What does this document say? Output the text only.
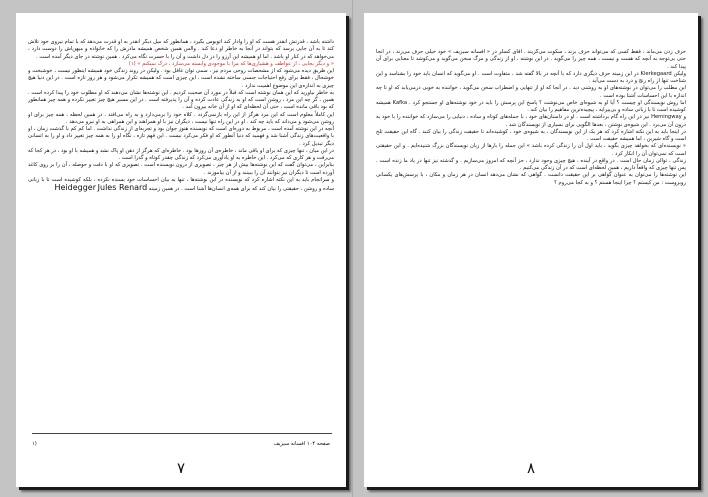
داشته باشد ، قدرتش آنقدر هست که او را وادار کند اتوبوس بگیرد ، همانطور که میل دیگر آنقدر به او قدرت می‌دهد که با تمام نیروی خود تلاش کند تا به ‌آن جایی برسد که بتواند در آنجا به خاطر او دعا کند . والس همین شخص همیشه مادرش را که خانواده و میهن‌اش را دوست دارد ، می‌خواهد که در کنار او باشد . اما او همیشه این آرزو را در دل داشت و آن را با حسرت نگاه می‌کرد . همین نوشته در جای دیگر آمده است .

« و دیگر بجایی ، از عواطف و هشیاری‌ها که مرا با موجودی وابسته می‌سازد ، درک نمیکنم » (۱)

این طریق دیده می‌شود که از مشخصات روحی مردم نیز ، سمی توان غافل بود . ولیکن در روند زندگی خود همیشه اینطور نیست ، خوشبخت و خوشحال ، فقط برای رفع احتیاجات جنسی ساخته نشده است . این چیزی است که همیشه تکرار می‌شود و هر روز تازه است . در این دنیا هیچ چیزی به اندازه‌ی این موضوع اهمیت ندارد .

به خاطر بیاورید که این همان نوشته است که قبلاً در مورد آن صحبت کردیم . این نوشته‌ها نشان می‌دهند که او مطلوب خود را پیدا کرده است . همین ، گر چه این مرد ، روشن است که او به زندگی عادت کرده و آن را پذیرفته است . در این مسیر هیچ چیز تغییر نکرده و همه چیز همانطور که بود باقی مانده است ، حتی آن لحظه‌ای که او از آن خانه بیرون آمد .

این کاملاً معلوم است که این مرد هرگز از این راه بازنمی‌گردد . کلاه خود را برمی‌دارد و به راه می‌افتد . در همین لحظه ، همه چیز برای او روشن می‌شود و می‌داند که باید چه کند . او در این راه تنها نیست ، دیگران نیز با او همراهند و این همراهی به او نیرو می‌دهد .

آنچه در این نوشته آمده است ، مربوط به دوره‌ای است که نویسنده هنوز جوان بود و تجربه‌ای از زندگی نداشت . اما کم کم با گذشت زمان ، او با واقعیت‌های زندگی آشنا شد و فهمید که دنیا آنطور که او فکر می‌کرد نیست . این فهم تازه ، نگاه او را به همه چیز تغییر داد و او را به انسانی دیگر تبدیل کرد .

در این میان ، تنها چیزی که برای او باقی ماند ، خاطره‌ی آن روزها بود . خاطره‌ای که هرگز از ذهن او پاک نشد و همیشه با او بود ، در هر کجا که می‌رفت و هر کاری که می‌کرد . این خاطره به او یادآوری می‌کرد که زندگی چقدر کوتاه و گذرا است .

بنابراین ، می‌توان گفت که این نوشته‌ها بیش از هر چیز ، تصویری از درون نویسنده است . تصویری که او با دقت و حوصله ، آن را بر روی کاغذ آورده است تا دیگران نیز بتوانند آن را ببینند و از آن بیاموزند .

و سرانجام باید به این نکته اشاره کرد که نویسنده در این نوشته‌ها ، تنها به بیان احساسات خود بسنده نکرده ، بلکه کوشیده است تا با زبانی ساده و روشن ، حقیقتی را بیان کند که برای همه‌ی انسان‌ها آشنا است . در همین زمینه Jules Renard Heidegger

صفحه ۱۰۴ افسانه سیزیف
(۱
۷

حرف زدن می‌ماند ، فقط کسی که می‌تواند حرف بزند ، سکوت می‌گزیند . آقای کسلر در « افسانه سیزیف » خود خیلی حرف می‌زند ، در آنجا حتی بی‌توجه به آنچه که هست و نیست ، همه چیز را می‌گوید . در این نوشته ، او از زندگی و مرگ سخن می‌گوید و می‌کوشد تا معنایی برای آن پیدا کند .

ولیکن Kierkegaard در این زمینه حرف دیگری دارد که با آنچه در بالا گفته شد ، متفاوت است . او می‌گوید که انسان باید خود را بشناسد و این شناخت تنها از راه رنج و درد به دست می‌آید .

این مطلب را می‌توان در نوشته‌های او به روشنی دید . در آنجا که او از تنهایی و اضطراب سخن می‌گوید ، خواننده به خوبی درمی‌یابد که او تا چه اندازه با این احساسات آشنا بوده است .

اما روش نویسندگی او چیست ؟ آیا او به شیوه‌ای خاص می‌نوشت ؟ پاسخ این پرسش را باید در خود نوشته‌های او جستجو کرد . Kafka همیشه کوشیده است تا با زبانی ساده و بی‌پیرایه ، پیچیده‌ترین مفاهیم را بیان کند .

و Hemingway نیز در این راه گام برداشته است . او در داستان‌های خود ، با جمله‌های کوتاه و ساده ، دنیایی را می‌سازد که خواننده را با خود به درون آن می‌برد . این شیوه‌ی نوشتن ، بعدها الگویی برای بسیاری از نویسندگان شد .

در اینجا باید به این نکته اشاره کرد که هر یک از این نویسندگان ، به شیوه‌ی خود ، کوشیده‌اند تا حقیقت زندگی را بیان کنند . گاه این حقیقت تلخ است و گاه شیرین ، اما همیشه حقیقت است .

« نویسنده‌ای که بخواهد چیزی بگوید ، باید اول آن را زندگی کرده باشد » این جمله را بارها از زبان نویسندگان بزرگ شنیده‌ایم . و این حقیقتی است که نمی‌توان آن را انکار کرد .

زندگی ، توالی زمان حال است . در واقع در آینده ، هیچ چیزی وجود ندارد ، جز آنچه که امروز می‌سازیم . و گذشته نیز تنها در یاد ما زنده است . پس تنها چیزی که واقعاً داریم ، همین لحظه‌ای است که در آن زندگی می‌کنیم .

این نوشته‌ها را می‌توان به عنوان گواهی بر این حقیقت دانست . گواهی که نشان می‌دهد انسان در هر زمان و مکان ، با پرسش‌های یکسانی روبروست : من کیستم ؟ چرا اینجا هستم ؟ و به کجا می‌روم ؟

۸
